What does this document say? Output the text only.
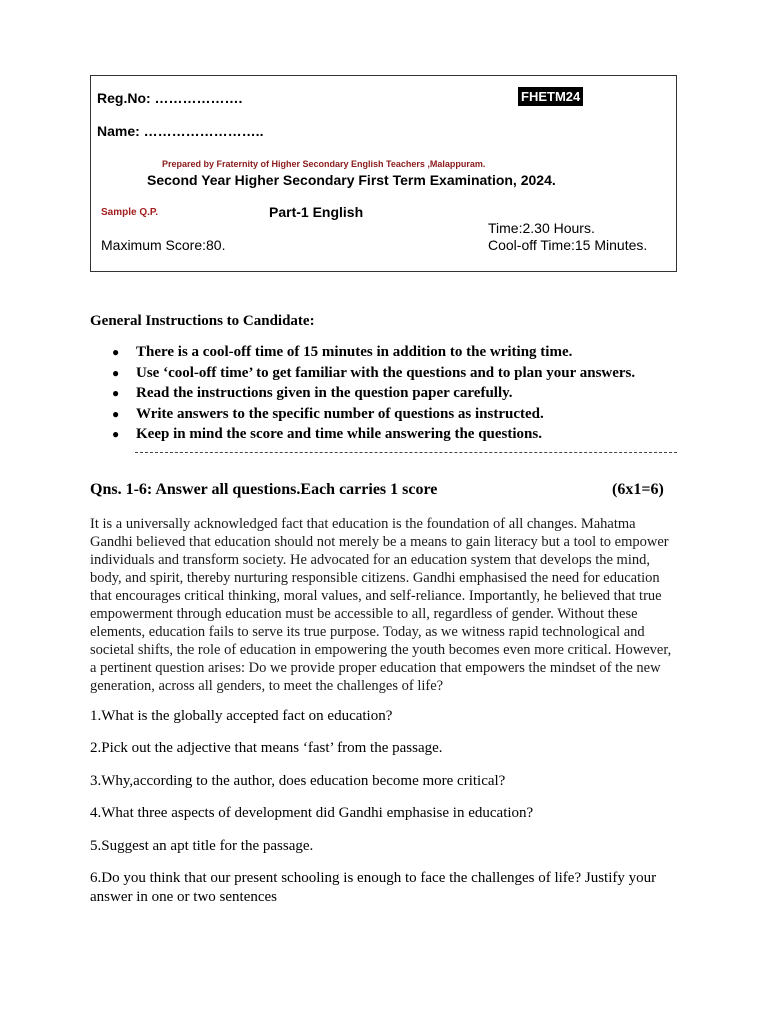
Reg.No: ……………….
Name: ……………………..
FHETM24
Prepared by Fraternity of Higher Secondary English Teachers ,Malappuram.
Second Year Higher Secondary First Term Examination, 2024.
Sample Q.P.	Part-1 English
Time:2.30 Hours.
Maximum Score:80.	Cool-off Time:15 Minutes.
General Instructions to Candidate:
● There is a cool-off time of 15 minutes in addition to the writing time.
● Use ‘cool-off time’ to get familiar with the questions and to plan your answers.
● Read the instructions given in the question paper carefully.
● Write answers to the specific number of questions as instructed.
● Keep in mind the score and time while answering the questions.
Qns. 1-6: Answer all questions.Each carries 1 score	(6x1=6)

It is a universally acknowledged fact that education is the foundation of all changes. Mahatma Gandhi believed that education should not merely be a means to gain literacy but a tool to empower individuals and transform society. He advocated for an education system that develops the mind, body, and spirit, thereby nurturing responsible citizens. Gandhi emphasised the need for education that encourages critical thinking, moral values, and self-reliance. Importantly, he believed that true empowerment through education must be accessible to all, regardless of gender. Without these elements, education fails to serve its true purpose. Today, as we witness rapid technological and societal shifts, the role of education in empowering the youth becomes even more critical. However, a pertinent question arises: Do we provide proper education that empowers the mindset of the new generation, across all genders, to meet the challenges of life?

1.What is the globally accepted fact on education?

2.Pick out the adjective that means ‘fast’ from the passage.

3.Why,according to the author, does education become more critical?

4.What three aspects of development did Gandhi emphasise in education?

5.Suggest an apt title for the passage.

6.Do you think that our present schooling is enough to face the challenges of life? Justify your answer in one or two sentences
